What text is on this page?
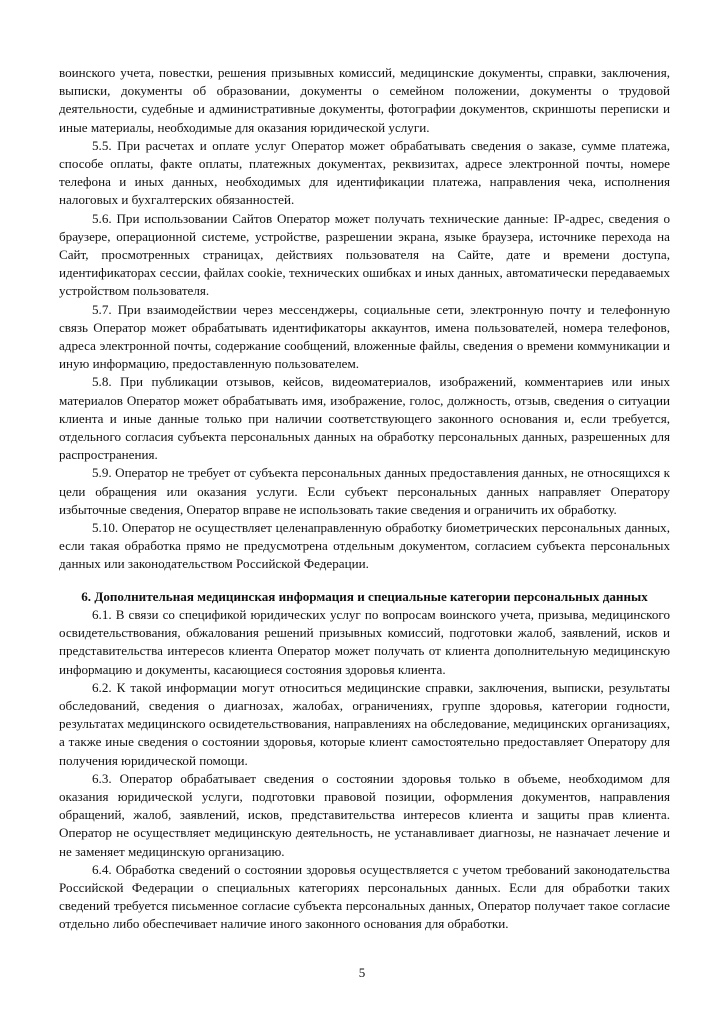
воинского учета, повестки, решения призывных комиссий, медицинские документы, справки, заключения, выписки, документы об образовании, документы о семейном положении, документы о трудовой деятельности, судебные и административные документы, фотографии документов, скриншоты переписки и иные материалы, необходимые для оказания юридической услуги.

5.5. При расчетах и оплате услуг Оператор может обрабатывать сведения о заказе, сумме платежа, способе оплаты, факте оплаты, платежных документах, реквизитах, адресе электронной почты, номере телефона и иных данных, необходимых для идентификации платежа, направления чека, исполнения налоговых и бухгалтерских обязанностей.

5.6. При использовании Сайтов Оператор может получать технические данные: IP-адрес, сведения о браузере, операционной системе, устройстве, разрешении экрана, языке браузера, источнике перехода на Сайт, просмотренных страницах, действиях пользователя на Сайте, дате и времени доступа, идентификаторах сессии, файлах cookie, технических ошибках и иных данных, автоматически передаваемых устройством пользователя.

5.7. При взаимодействии через мессенджеры, социальные сети, электронную почту и телефонную связь Оператор может обрабатывать идентификаторы аккаунтов, имена пользователей, номера телефонов, адреса электронной почты, содержание сообщений, вложенные файлы, сведения о времени коммуникации и иную информацию, предоставленную пользователем.

5.8. При публикации отзывов, кейсов, видеоматериалов, изображений, комментариев или иных материалов Оператор может обрабатывать имя, изображение, голос, должность, отзыв, сведения о ситуации клиента и иные данные только при наличии соответствующего законного основания и, если требуется, отдельного согласия субъекта персональных данных на обработку персональных данных, разрешенных для распространения.

5.9. Оператор не требует от субъекта персональных данных предоставления данных, не относящихся к цели обращения или оказания услуги. Если субъект персональных данных направляет Оператору избыточные сведения, Оператор вправе не использовать такие сведения и ограничить их обработку.

5.10. Оператор не осуществляет целенаправленную обработку биометрических персональных данных, если такая обработка прямо не предусмотрена отдельным документом, согласием субъекта персональных данных или законодательством Российской Федерации.

6. Дополнительная медицинская информация и специальные категории персональных данных

6.1. В связи со спецификой юридических услуг по вопросам воинского учета, призыва, медицинского освидетельствования, обжалования решений призывных комиссий, подготовки жалоб, заявлений, исков и представительства интересов клиента Оператор может получать от клиента дополнительную медицинскую информацию и документы, касающиеся состояния здоровья клиента.

6.2. К такой информации могут относиться медицинские справки, заключения, выписки, результаты обследований, сведения о диагнозах, жалобах, ограничениях, группе здоровья, категории годности, результатах медицинского освидетельствования, направлениях на обследование, медицинских организациях, а также иные сведения о состоянии здоровья, которые клиент самостоятельно предоставляет Оператору для получения юридической помощи.

6.3. Оператор обрабатывает сведения о состоянии здоровья только в объеме, необходимом для оказания юридической услуги, подготовки правовой позиции, оформления документов, направления обращений, жалоб, заявлений, исков, представительства интересов клиента и защиты прав клиента. Оператор не осуществляет медицинскую деятельность, не устанавливает диагнозы, не назначает лечение и не заменяет медицинскую организацию.

6.4. Обработка сведений о состоянии здоровья осуществляется с учетом требований законодательства Российской Федерации о специальных категориях персональных данных. Если для обработки таких сведений требуется письменное согласие субъекта персональных данных, Оператор получает такое согласие отдельно либо обеспечивает наличие иного законного основания для обработки.

5
